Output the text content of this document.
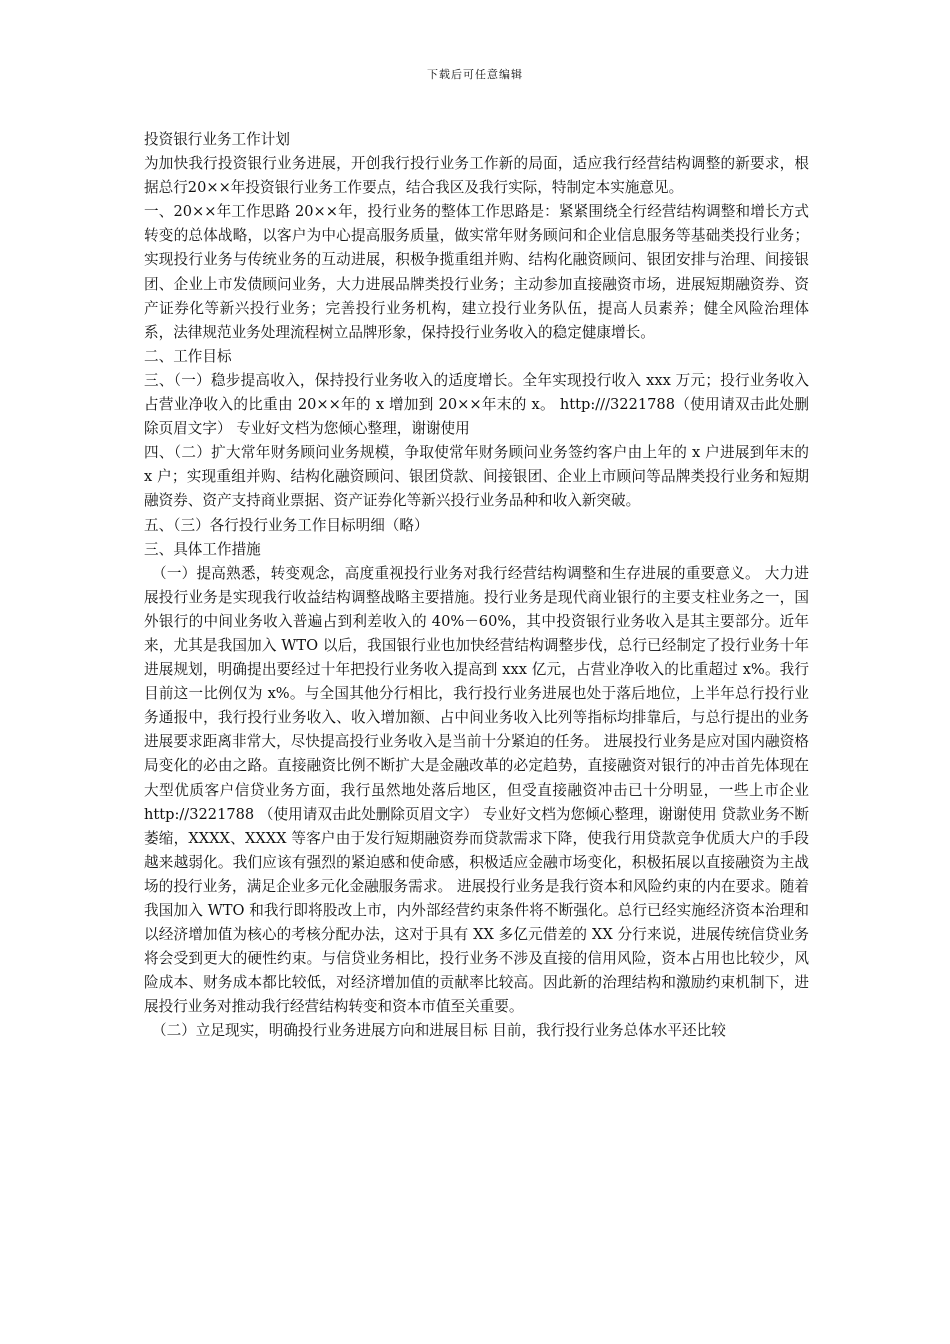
下载后可任意编辑

投资银行业务工作计划

为加快我行投资银行业务进展，开创我行投行业务工作新的局面，适应我行经营结构调整的新要求，根据总行20××年投资银行业务工作要点，结合我区及我行实际，特制定本实施意见。

一、20××年工作思路 20××年，投行业务的整体工作思路是：紧紧围绕全行经营结构调整和增长方式转变的总体战略，以客户为中心提高服务质量，做实常年财务顾问和企业信息服务等基础类投行业务；实现投行业务与传统业务的互动进展，积极争揽重组并购、结构化融资顾问、银团安排与治理、间接银团、企业上市发债顾问业务，大力进展品牌类投行业务；主动参加直接融资市场，进展短期融资券、资产证券化等新兴投行业务；完善投行业务机构，建立投行业务队伍，提高人员素养；健全风险治理体系，法律规范业务处理流程树立品牌形象，保持投行业务收入的稳定健康增长。

二、工作目标

三、（一）稳步提高收入，保持投行业务收入的适度增长。全年实现投行收入 xxx 万元；投行业务收入占营业净收入的比重由 20××年的 x 增加到 20××年末的 x。 http:///3221788（使用请双击此处删除页眉文字） 专业好文档为您倾心整理，谢谢使用

四、（二）扩大常年财务顾问业务规模，争取使常年财务顾问业务签约客户由上年的 x 户进展到年末的 x 户；实现重组并购、结构化融资顾问、银团贷款、间接银团、企业上市顾问等品牌类投行业务和短期融资券、资产支持商业票据、资产证券化等新兴投行业务品种和收入新突破。

五、（三）各行投行业务工作目标明细（略）

三、具体工作措施

（一）提高熟悉，转变观念，高度重视投行业务对我行经营结构调整和生存进展的重要意义。 大力进展投行业务是实现我行收益结构调整战略主要措施。投行业务是现代商业银行的主要支柱业务之一，国外银行的中间业务收入普遍占到利差收入的 40%－60%，其中投资银行业务收入是其主要部分。近年来，尤其是我国加入 WTO 以后，我国银行业也加快经营结构调整步伐，总行已经制定了投行业务十年进展规划，明确提出要经过十年把投行业务收入提高到 xxx 亿元，占营业净收入的比重超过 x%。我行目前这一比例仅为 x%。与全国其他分行相比，我行投行业务进展也处于落后地位，上半年总行投行业务通报中，我行投行业务收入、收入增加额、占中间业务收入比列等指标均排靠后，与总行提出的业务进展要求距离非常大，尽快提高投行业务收入是当前十分紧迫的任务。 进展投行业务是应对国内融资格局变化的必由之路。直接融资比例不断扩大是金融改革的必定趋势，直接融资对银行的冲击首先体现在大型优质客户信贷业务方面，我行虽然地处落后地区，但受直接融资冲击已十分明显，一些上市企业 http://3221788 （使用请双击此处删除页眉文字） 专业好文档为您倾心整理，谢谢使用 贷款业务不断萎缩，XXXX、XXXX 等客户由于发行短期融资券而贷款需求下降，使我行用贷款竞争优质大户的手段越来越弱化。我们应该有强烈的紧迫感和使命感，积极适应金融市场变化，积极拓展以直接融资为主战场的投行业务，满足企业多元化金融服务需求。 进展投行业务是我行资本和风险约束的内在要求。随着我国加入 WTO 和我行即将股改上市，内外部经营约束条件将不断强化。总行已经实施经济资本治理和以经济增加值为核心的考核分配办法，这对于具有 XX 多亿元借差的 XX 分行来说，进展传统信贷业务将会受到更大的硬性约束。与信贷业务相比，投行业务不涉及直接的信用风险，资本占用也比较少，风险成本、财务成本都比较低，对经济增加值的贡献率比较高。因此新的治理结构和激励约束机制下，进展投行业务对推动我行经营结构转变和资本市值至关重要。

（二）立足现实，明确投行业务进展方向和进展目标 目前，我行投行业务总体水平还比较
